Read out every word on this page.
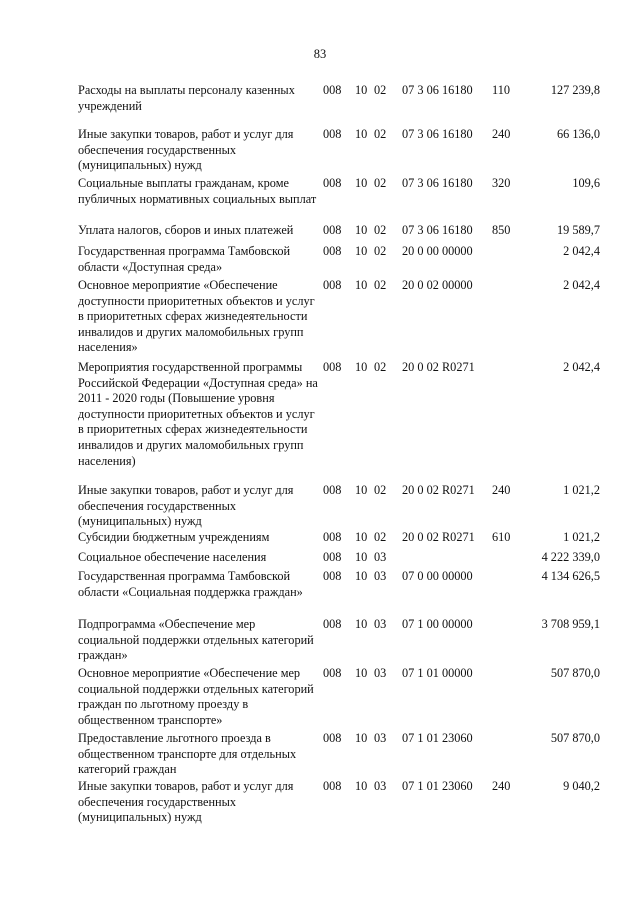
83
Расходы на выплаты персоналу казенных учреждений
008 10 02 07 3 06 16180 110	127 239,8
Иные закупки товаров, работ и услуг для обеспечения государственных (муниципальных) нужд
008 10 02 07 3 06 16180 240	66 136,0
Социальные выплаты гражданам, кроме публичных нормативных социальных выплат
008 10 02 07 3 06 16180 320	109,6
Уплата налогов, сборов и иных платежей	008 10 02 07 3 06 16180 850	19 589,7
Государственная программа Тамбовской области «Доступная среда»
008 10 02 20 0 00 00000	2 042,4
Основное мероприятие «Обеспечение доступности приоритетных объектов и услуг в приоритетных сферах жизнедеятельности инвалидов и других маломобильных групп населения»
008 10 02 20 0 02 00000	2 042,4
Мероприятия государственной программы Российской Федерации «Доступная среда» на 2011 - 2020 годы (Повышение уровня доступности приоритетных объектов и услуг в приоритетных сферах жизнедеятельности инвалидов и других маломобильных групп населения)
008 10 02 20 0 02 R0271	2 042,4
Иные закупки товаров, работ и услуг для обеспечения государственных (муниципальных) нужд
008 10 02 20 0 02 R0271 240	1 021,2
Субсидии бюджетным учреждениям	008 10 02 20 0 02 R0271 610	1 021,2
Социальное обеспечение населения	008 10 03	4 222 339,0
Государственная программа Тамбовской области «Социальная поддержка граждан»
008 10 03 07 0 00 00000	4 134 626,5
Подпрограмма «Обеспечение мер социальной поддержки отдельных категорий граждан»
008 10 03 07 1 00 00000	3 708 959,1
Основное мероприятие «Обеспечение мер социальной поддержки отдельных категорий граждан по льготному проезду в общественном транспорте»
008 10 03 07 1 01 00000	507 870,0
Предоставление льготного проезда в общественном транспорте для отдельных категорий граждан
008 10 03 07 1 01 23060	507 870,0
Иные закупки товаров, работ и услуг для обеспечения государственных (муниципальных) нужд
008 10 03 07 1 01 23060 240	9 040,2
